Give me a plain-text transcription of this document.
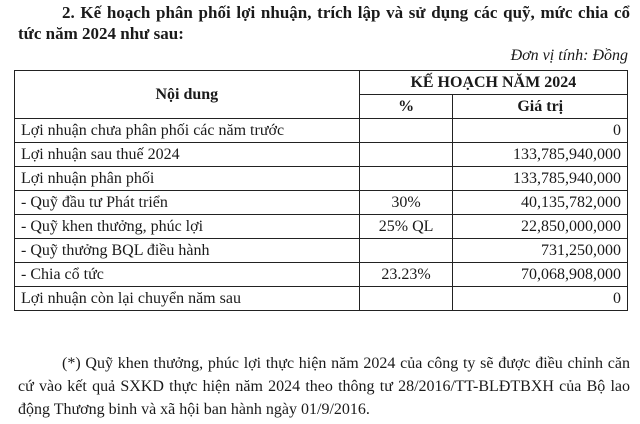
2. Kế hoạch phân phối lợi nhuận, trích lập và sử dụng các quỹ, mức chia cổ tức năm 2024 như sau:
Đơn vị tính: Đồng
Nội dung	KẾ HOẠCH NĂM 2024	
	%	Giá trị
Lợi nhuận chưa phân phối các năm trước		0
Lợi nhuận sau thuế 2024		133,785,940,000
Lợi nhuận phân phối		133,785,940,000
- Quỹ đầu tư Phát triển	30%	40,135,782,000
- Quỹ khen thưởng, phúc lợi	25% QL	22,850,000,000
- Quỹ thưởng BQL điều hành		731,250,000
- Chia cổ tức	23.23%	70,068,908,000
Lợi nhuận còn lại chuyển năm sau		0
(*) Quỹ khen thưởng, phúc lợi thực hiện năm 2024 của công ty sẽ được điều chỉnh căn cứ vào kết quả SXKD thực hiện năm 2024 theo thông tư 28/2016/TT-BLĐTBXH của Bộ lao động Thương binh và xã hội ban hành ngày 01/9/2016.
